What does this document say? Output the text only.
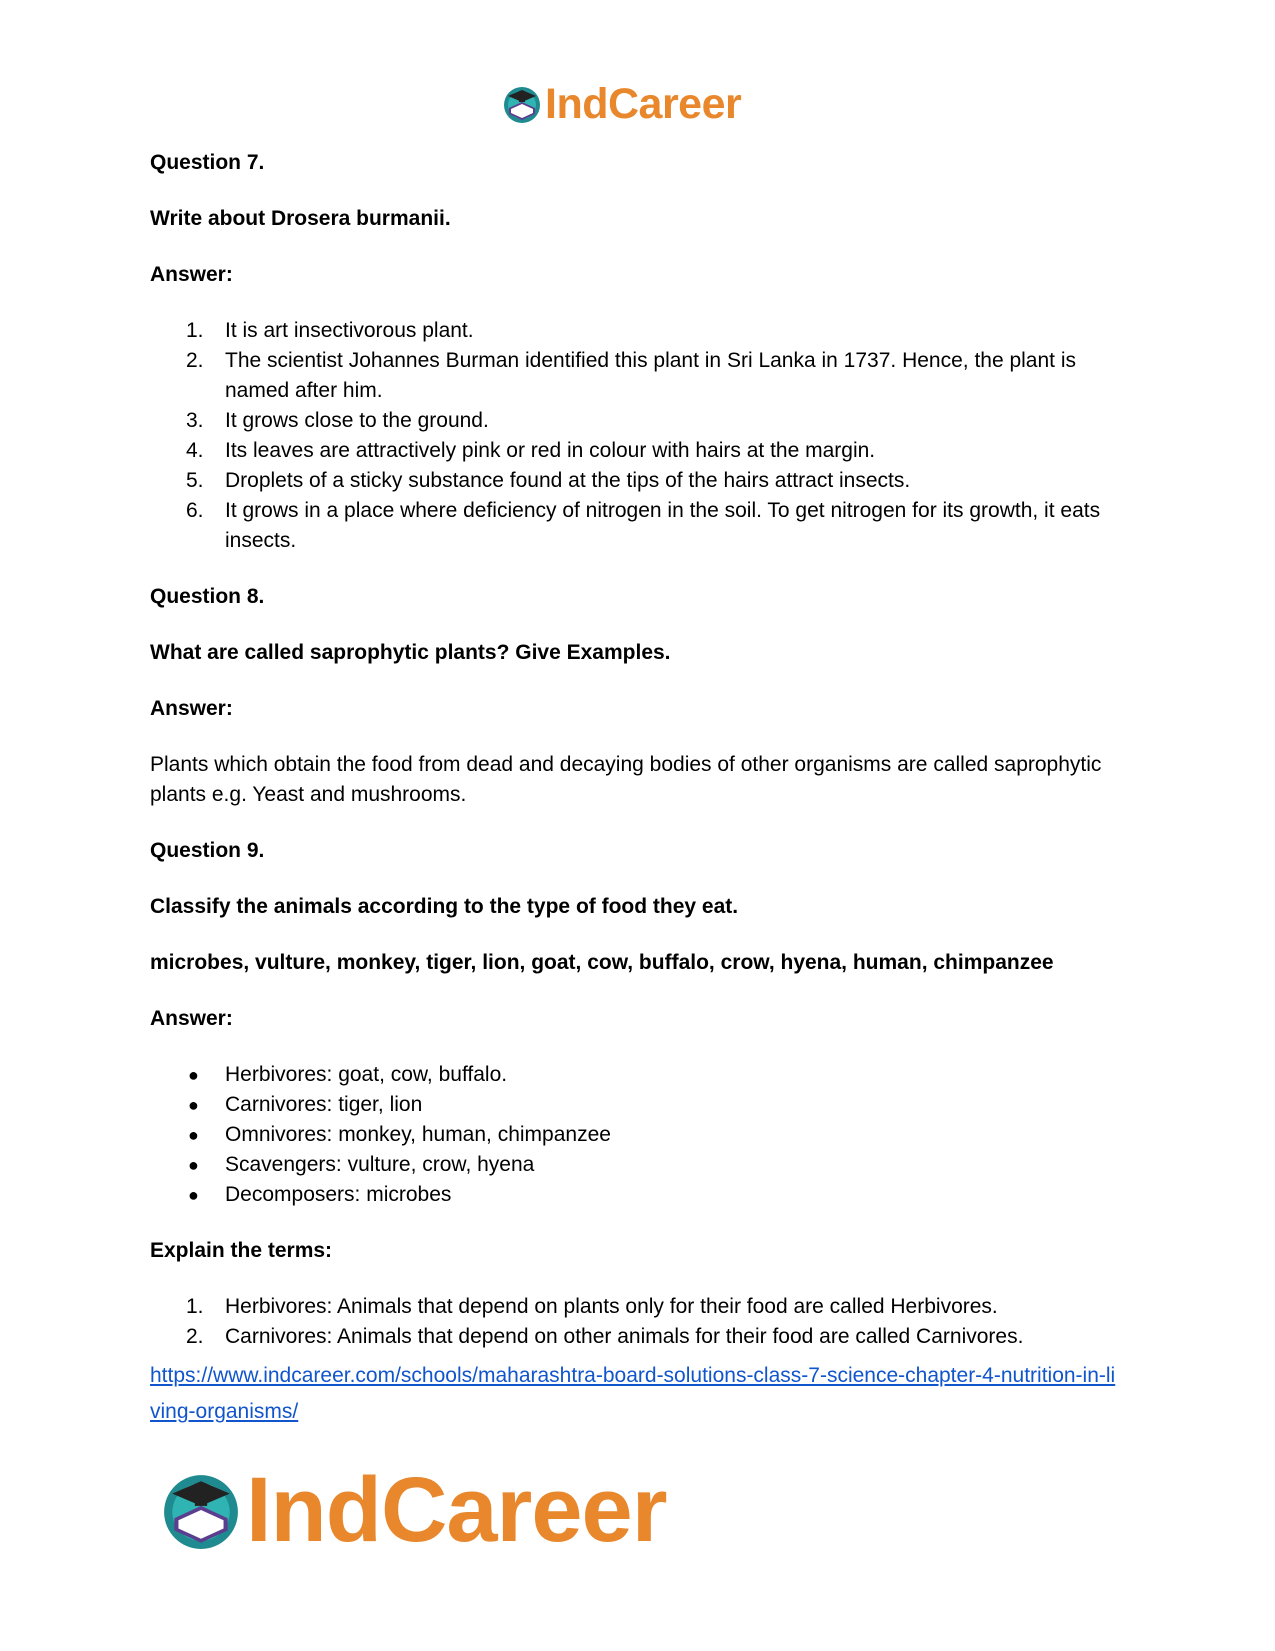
IndCareer

Question 7.

Write about Drosera burmanii.

Answer:

1.	It is art insectivorous plant.
2.	The scientist Johannes Burman identified this plant in Sri Lanka in 1737. Hence, the plant is named after him.
3.	It grows close to the ground.
4.	Its leaves are attractively pink or red in colour with hairs at the margin.
5.	Droplets of a sticky substance found at the tips of the hairs attract insects.
6.	It grows in a place where deficiency of nitrogen in the soil. To get nitrogen for its growth, it eats insects.

Question 8.

What are called saprophytic plants? Give Examples.

Answer:

Plants which obtain the food from dead and decaying bodies of other organisms are called saprophytic plants e.g. Yeast and mushrooms.

Question 9.

Classify the animals according to the type of food they eat.

microbes, vulture, monkey, tiger, lion, goat, cow, buffalo, crow, hyena, human, chimpanzee

Answer:

●	Herbivores: goat, cow, buffalo.
●	Carnivores: tiger, lion
●	Omnivores: monkey, human, chimpanzee
●	Scavengers: vulture, crow, hyena
●	Decomposers: microbes

Explain the terms:

1.	Herbivores: Animals that depend on plants only for their food are called Herbivores.
2.	Carnivores: Animals that depend on other animals for their food are called Carnivores.
https://www.indcareer.com/schools/maharashtra-board-solutions-class-7-science-chapter-4-nutrition-in-living-organisms/
IndCareer
